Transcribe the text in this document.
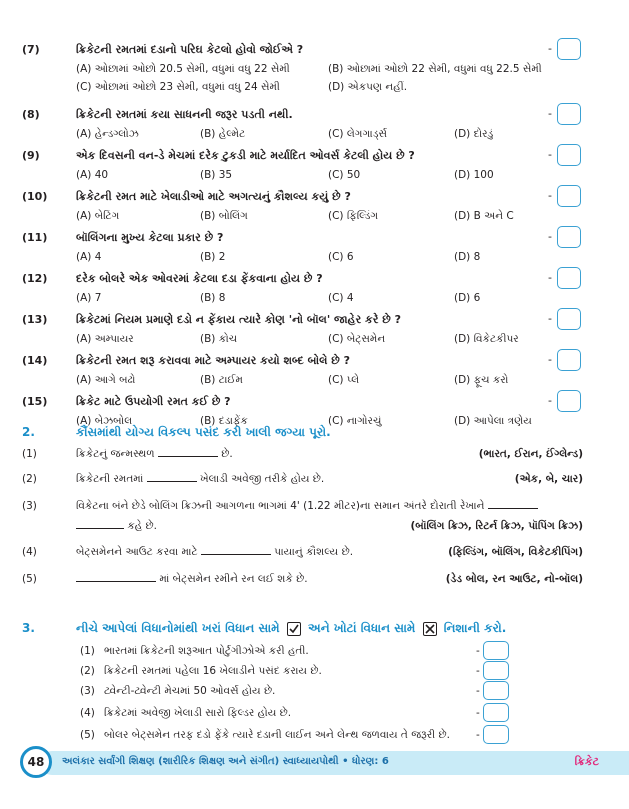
(7)	ક્રિકેટની રમતમાં દડાનો પરિઘ કેટલો હોવો જોઈએ ?	-
(A) ઓછામાં ઓછો 20.5 સેમી, વધુમાં વધુ 22 સેમી	(B) ઓછામાં ઓછો 22 સેમી, વધુમાં વધુ 22.5 સેમી
(C) ઓછામાં ઓછો 23 સેમી, વધુમાં વધુ 24 સેમી	(D) એકપણ નહીં.
(8)	ક્રિકેટની રમતમાં કયા સાધનની જરૂર પડતી નથી.	-
(A) હેન્ડગ્લોઝ	(B) હેલ્મેટ	(C) લેગગાર્ડ્સ	(D) દોરડું
(9)	એક દિવસની વન-ડે મેચમાં દરેક ટુકડી માટે મર્યાદિત ઓવર્સ કેટલી હોય છે ?	-
(A) 40	(B) 35	(C) 50	(D) 100
(10)	ક્રિકેટની રમત માટે ખેલાડીઓ માટે અગત્યનું કૌશલ્ય કયું છે ?	-
(A) બેટિંગ	(B) બોલિંગ	(C) ફિલ્ડિંગ	(D) B અને C
(11)	બૉલિંગના મુખ્ય કેટલા પ્રકાર છે ?	-
(A) 4	(B) 2	(C) 6	(D) 8
(12)	દરેક બોલરે એક ઓવરમાં કેટલા દડા ફેંકવાના હોય છે ?	-
(A) 7	(B) 8	(C) 4	(D) 6
(13)	ક્રિકેટમાં નિયમ પ્રમાણે દડો ન ફેંકાય ત્યારે કોણ 'નો બૉલ' જાહેર કરે છે ?	-
(A) અમ્પાયર	(B) કોચ	(C) બેટ્સમેન	(D) વિકેટકીપર
(14)	ક્રિકેટની રમત શરૂ કરાવવા માટે અમ્પાયર કયો શબ્દ બોલે છે ?	-
(A) આગે બઢો	(B) ટાઈમ	(C) પ્લે	(D) ફૂચ કરો
(15)	ક્રિકેટ માટે ઉપયોગી રમત કઈ છે ?	-
(A) બેઝબોલ	(B) દડાફેંક	(C) નાગોરચું	(D) આપેલા ત્રણેય
2.	કૌંસમાંથી યોગ્ય વિકલ્પ પસંદ કરી ખાલી જગ્યા પૂરો.
(1)	ક્રિકેટનું જન્મસ્થળ	છે.	(ભારત, ઈરાન, ઈંગ્લેન્ડ)
(2)	ક્રિકેટની રમતમાં	ખેલાડી અવેજી તરીકે હોય છે.	(એક, બે, ચાર)
(3)	વિકેટના બંને છેડે બોલિંગ ક્રિઝની આગળના ભાગમાં 4' (1.22 મીટર)ના સમાન અંતરે દોરાતી રેખાને
કહે છે.	(બૉલિંગ ક્રિઝ, રિટર્ન ક્રિઝ, પૉપિંગ ક્રિઝ)
(4)	બેટ્સમેનને આઉટ કરવા માટે	પાયાનું કૌશલ્ય છે.	(ફિલ્ડિંગ, બૉલિંગ, વિકેટકીપિંગ)
(5)	માં બેટ્સમેન રમીને રન લઈ શકે છે.	(ડેડ બોલ, રન આઉટ, નો-બૉલ)
3.	નીચે આપેલાં વિધાનોમાંથી ખરાં વિધાન સામે અને ખોટાં વિધાન સામે ☒ નિશાની કરો.
(1) ભારતમાં ક્રિકેટની શરૂઆત પોર્ટુગીઝોએ કરી હતી.	-
(2) ક્રિકેટની રમતમાં પહેલા 16 ખેલાડીને પસંદ કરાય છે.	-
(3) ટ્વેન્ટી-ટ્વેન્ટી મેચમાં 50 ઓવર્સ હોય છે.	-
(4) ક્રિકેટમાં અવેજી ખેલાડી સારો ફિલ્ડર હોય છે.	-
(5) બોલર બેટ્સમેન તરફ દડો ફેંકે ત્યારે દડાની લાઈન અને લેન્થ જળવાય તે જરૂરી છે. -
48	અલંકાર સર્વાંગી શિક્ષણ (શારીરિક શિક્ષણ અને સંગીત) સ્વાધ્યાયપોથી • ધોરણ: 6	ક્રિકેટ
